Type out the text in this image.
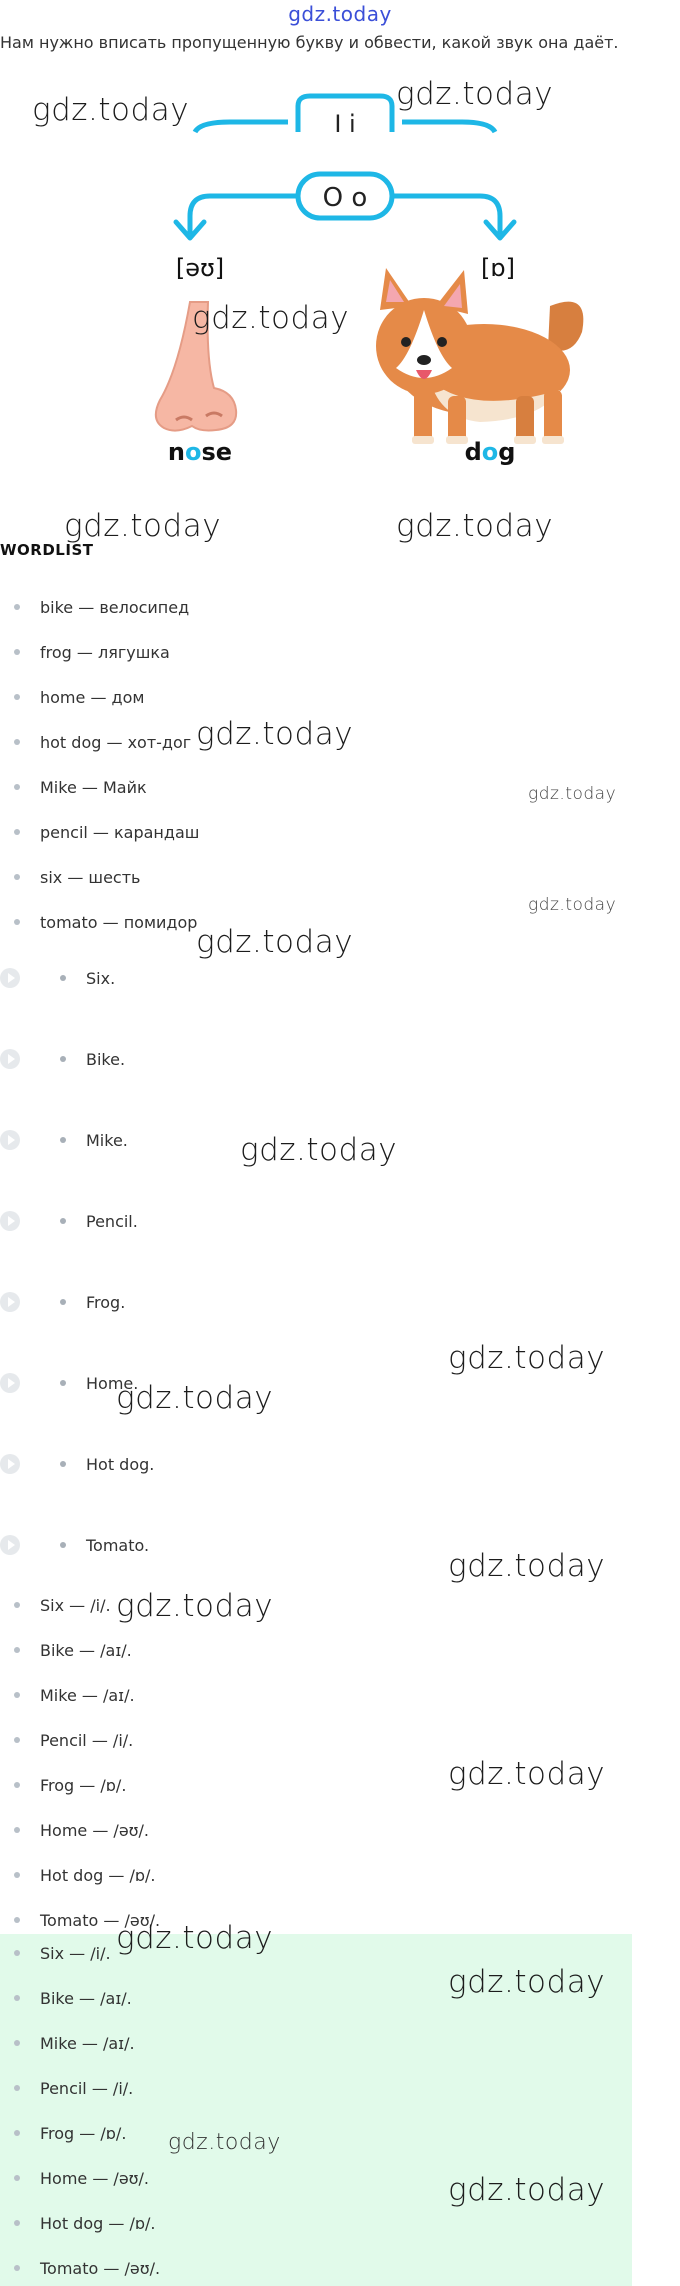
gdz.today
Нам нужно вписать пропущенную букву и обвести, какой звук она даёт.
I i
O o
[əʊ]	[ɒ]
nose	dog
WORDLIST
bike — велосипед
frog — лягушка
home — дом
hot dog — хот-дог
Mike — Майк
pencil — карандаш
six — шесть
tomato — помидор
Six.
Bike.
Mike.
Pencil.
Frog.
Home.
Hot dog.
Tomato.
Six — /i/.
Bike — /aɪ/.
Mike — /aɪ/.
Pencil — /i/.
Frog — /ɒ/.
Home — /əʊ/.
Hot dog — /ɒ/.
Tomato — /əʊ/.
Six — /i/.
Bike — /aɪ/.
Mike — /aɪ/.
Pencil — /i/.
Frog — /ɒ/.
Home — /əʊ/.
Hot dog — /ɒ/.
Tomato — /əʊ/.
gdz.today	gdz.today
gdz.today
gdz.today	gdz.today
gdz.today
gdz.today
gdz.today
gdz.today
gdz.today
gdz.today
gdz.today
gdz.today
gdz.today
gdz.today
gdz.today
gdz.today
gdz.today
gdz.today
